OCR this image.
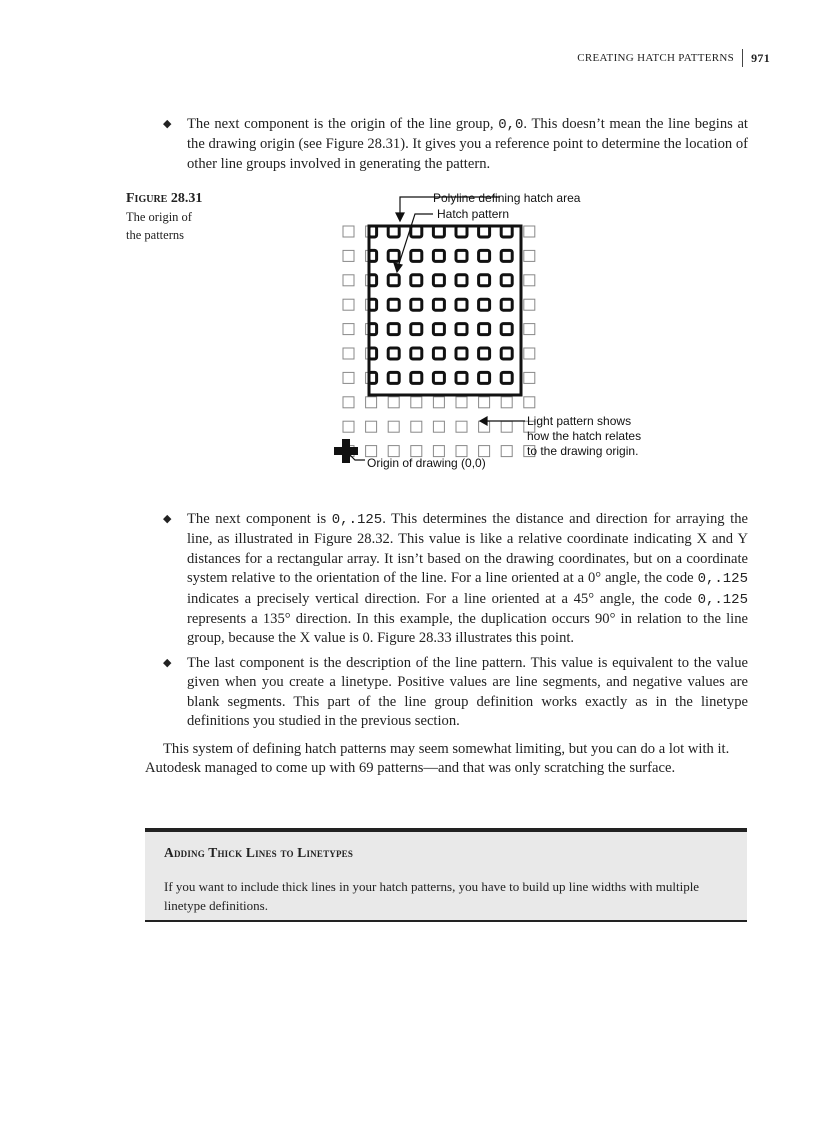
CREATING HATCH PATTERNS	971
◆ The next component is the origin of the line group, 0,0. This doesn’t mean the line begins at the drawing origin (see Figure 28.31). It gives you a reference point to determine the location of other line groups involved in generating the pattern.
Figure 28.31
The origin of
the patterns
Polyline defining hatch area
Hatch pattern
Light pattern shows
how the hatch relates
to the drawing origin.
Origin of drawing (0,0)
◆ The next component is 0,.125. This determines the distance and direction for arraying the line, as illustrated in Figure 28.32. This value is like a relative coordinate indicating X and Y distances for a rectangular array. It isn’t based on the drawing coordinates, but on a coordinate system relative to the orientation of the line. For a line oriented at a 0° angle, the code 0,.125 indicates a precisely vertical direction. For a line oriented at a 45° angle, the code 0,.125 represents a 135° direction. In this example, the duplication occurs 90° in relation to the line group, because the X value is 0. Figure 28.33 illustrates this point.
◆ The last component is the description of the line pattern. This value is equivalent to the value given when you create a linetype. Positive values are line segments, and negative values are blank segments. This part of the line group definition works exactly as in the linetype definitions you studied in the previous section.
This system of defining hatch patterns may seem somewhat limiting, but you can do a lot with it. Autodesk managed to come up with 69 patterns—and that was only scratching the surface.
Adding Thick Lines to Linetypes

If you want to include thick lines in your hatch patterns, you have to build up line widths with multiple linetype definitions.
